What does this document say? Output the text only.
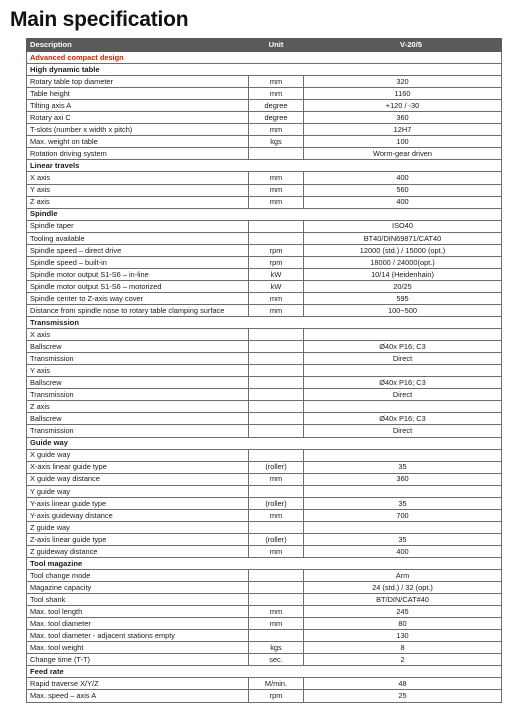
Main specification
Description	Unit	V-20/5
Advanced compact design		
High dynamic table		
Rotary table top diameter	mm	320
Table height	mm	1160
Tilting axis A	degree	+120 / -30
Rotary axi C	degree	360
T-slots (number x width x pitch)	mm	12H7
Max. weight on table	kgs	100
Rotation driving system		Worm-gear driven
Linear travels		
X axis	mm	400
Y axis	mm	560
Z axis	mm	400
Spindle		
Spindle taper		ISO40
Tooling available		BT40/DIN69871/CAT40
Spindle speed – direct drive	rpm	12000 (std.) / 15000 (opt.)
Spindle speed – built-in	rpm	18000 / 24000(opt.)
Spindle motor output S1-S6 – in-line	kW	10/14 (Heidenhain)
Spindle motor output S1-S6 – motorized	kW	20/25
Spindle center to Z-axis way cover	mm	595
Distance from spindle nose to rotary table clamping surface	mm	100~500
Transmission		
X axis		
Ballscrew		Ø40x P16; C3
Transmission		Direct
Y axis		
Ballscrew		Ø40x P16; C3
Transmission		Direct
Z axis		
Ballscrew		Ø40x P16; C3
Transmission		Direct
Guide way		
X guide way		
X-axis linear guide type	(roller)	35
X guide way distance	mm	360
Y guide way		
Y-axis linear guide type	(roller)	35
Y-axis guideway distance	mm	700
Z guide way		
Z-axis linear guide type	(roller)	35
Z guideway distance	mm	400
Tool magazine		
Tool change mode		Arm
Magazine capacity		24 (std.) / 32 (opt.)
Tool shank		BT/DIN/CAT#40
Max. tool length	mm	245
Max. tool diameter	mm	80
Max. tool diameter - adjacent stations empty		130
Max. tool weight	kgs	8
Change time (T-T)	sec.	2
Feed rate		
Rapid traverse X/Y/Z	M/min.	48
Max. speed – axis A	rpm	25
